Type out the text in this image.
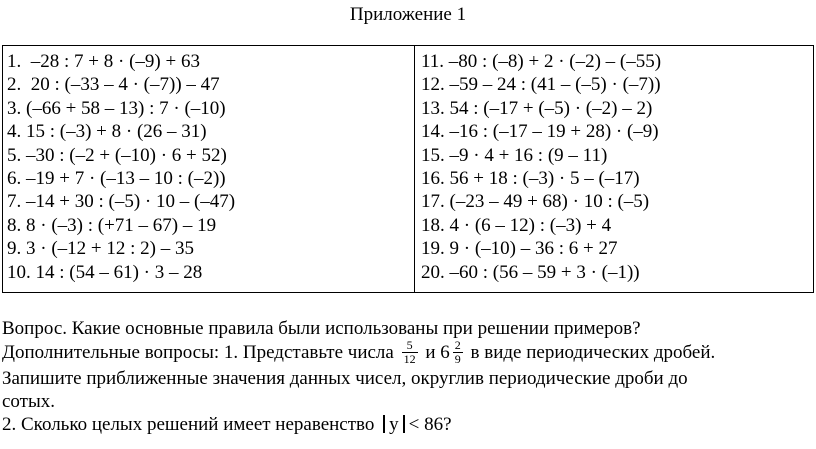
Приложение 1
1.  –28 : 7 + 8 · (–9) + 63
2.  20 : (–33 – 4 · (–7)) – 47
3. (–66 + 58 – 13) : 7 · (–10)
4. 15 : (–3) + 8 · (26 – 31)
5. –30 : (–2 + (–10) · 6 + 52)
6. –19 + 7 · (–13 – 10 : (–2))
7. –14 + 30 : (–5) · 10 – (–47)
8. 8 · (–3) : (+71 – 67) – 19
9. 3 · (–12 + 12 : 2) – 35
10. 14 : (54 – 61) · 3 – 28

11. –80 : (–8) + 2 · (–2) – (–55)
12. –59 – 24 : (41 – (–5) · (–7))
13. 54 : (–17 + (–5) · (–2) – 2)
14. –16 : (–17 – 19 + 28) · (–9)
15. –9 · 4 + 16 : (9 – 11)
16. 56 + 18 : (–3) · 5 – (–17)
17. (–23 – 49 + 68) · 10 : (–5)
18. 4 · (6 – 12) : (–3) + 4
19. 9 · (–10) – 36 : 6 + 27
20. –60 : (56 – 59 + 3 · (–1))
Вопрос. Какие основные правила были использованы при решении примеров?
Дополнительные вопросы: 1. Представьте числа $\frac{5}{12}$ и $6 \frac{2}{9}$ в виде периодических дробей.
Запишите приближенные значения данных чисел, округлив периодические дроби до
сотых.
2. Сколько целых решений имеет неравенство у < 86?
